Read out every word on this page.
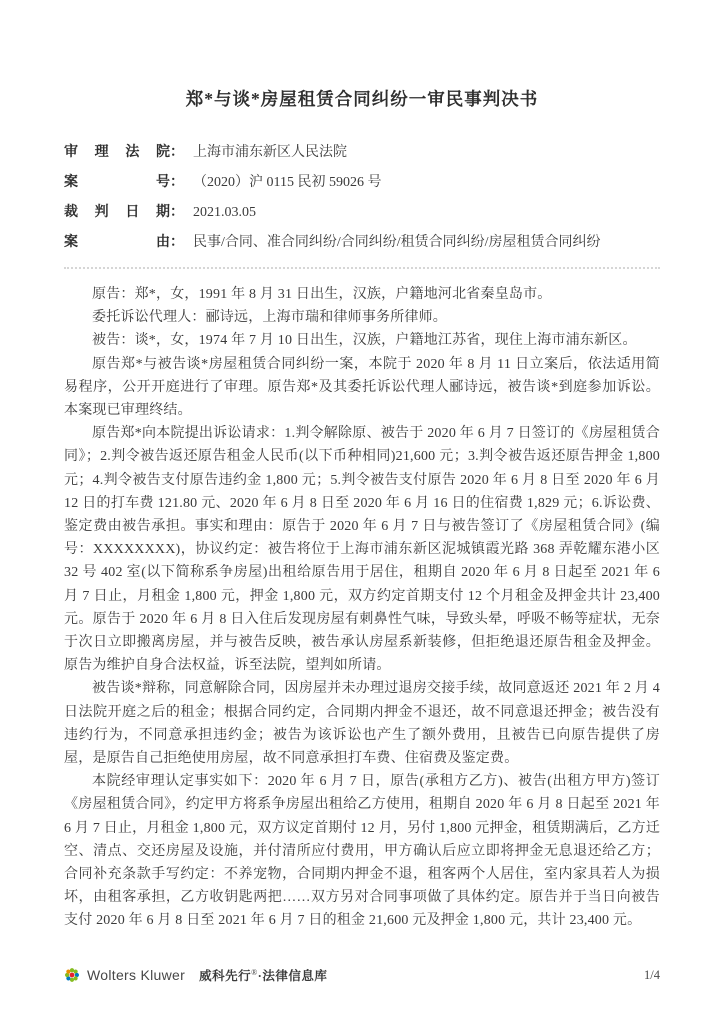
郑*与谈*房屋租赁合同纠纷一审民事判决书
审理法院 ： 上海市浦东新区人民法院
案号 ： （2020）沪 0115 民初 59026 号
裁判日期 ： 2021.03.05
案由 ： 民事/合同、准合同纠纷/合同纠纷/租赁合同纠纷/房屋租赁合同纠纷

原告：郑*，女，1991 年 8 月 31 日出生，汉族，户籍地河北省秦皇岛市。

委托诉讼代理人：郦诗远，上海市瑞和律师事务所律师。

被告：谈*，女，1974 年 7 月 10 日出生，汉族，户籍地江苏省，现住上海市浦东新区。

原告郑*与被告谈*房屋租赁合同纠纷一案，本院于 2020 年 8 月 11 日立案后，依法适用简易程序，公开开庭进行了审理。原告郑*及其委托诉讼代理人郦诗远，被告谈*到庭参加诉讼。本案现已审理终结。

原告郑*向本院提出诉讼请求：1.判令解除原、被告于 2020 年 6 月 7 日签订的《房屋租赁合同》；2.判令被告返还原告租金人民币(以下币种相同)21,600 元；3.判令被告返还原告押金 1,800 元；4.判令被告支付原告违约金 1,800 元；5.判令被告支付原告 2020 年 6 月 8 日至 2020 年 6 月 12 日的打车费 121.80 元、2020 年 6 月 8 日至 2020 年 6 月 16 日的住宿费 1,829 元；6.诉讼费、鉴定费由被告承担。事实和理由：原告于 2020 年 6 月 7 日与被告签订了《房屋租赁合同》(编号：XXXXXXXX)，协议约定：被告将位于上海市浦东新区泥城镇霞光路 368 弄乾耀东港小区 32 号 402 室(以下简称系争房屋)出租给原告用于居住，租期自 2020 年 6 月 8 日起至 2021 年 6 月 7 日止，月租金 1,800 元，押金 1,800 元，双方约定首期支付 12 个月租金及押金共计 23,400 元。原告于 2020 年 6 月 8 日入住后发现房屋有刺鼻性气味，导致头晕，呼吸不畅等症状，无奈于次日立即搬离房屋，并与被告反映，被告承认房屋系新装修，但拒绝退还原告租金及押金。原告为维护自身合法权益，诉至法院，望判如所请。

被告谈*辩称，同意解除合同，因房屋并未办理过退房交接手续，故同意返还 2021 年 2 月 4 日法院开庭之后的租金；根据合同约定，合同期内押金不退还，故不同意退还押金；被告没有违约行为，不同意承担违约金；被告为该诉讼也产生了额外费用，且被告已向原告提供了房屋，是原告自己拒绝使用房屋，故不同意承担打车费、住宿费及鉴定费。

本院经审理认定事实如下：2020 年 6 月 7 日，原告(承租方乙方)、被告(出租方甲方)签订《房屋租赁合同》，约定甲方将系争房屋出租给乙方使用，租期自 2020 年 6 月 8 日起至 2021 年 6 月 7 日止，月租金 1,800 元，双方议定首期付 12 月，另付 1,800 元押金，租赁期满后，乙方迁空、清点、交还房屋及设施，并付清所应付费用，甲方确认后应立即将押金无息退还给乙方；合同补充条款手写约定：不养宠物，合同期内押金不退，租客两个人居住，室内家具若人为损坏，由租客承担，乙方收钥匙两把……双方另对合同事项做了具体约定。原告并于当日向被告支付 2020 年 6 月 8 日至 2021 年 6 月 7 日的租金 21,600 元及押金 1,800 元，共计 23,400 元。

Wolters Kluwer 威科先行®·法律信息库	1/4
